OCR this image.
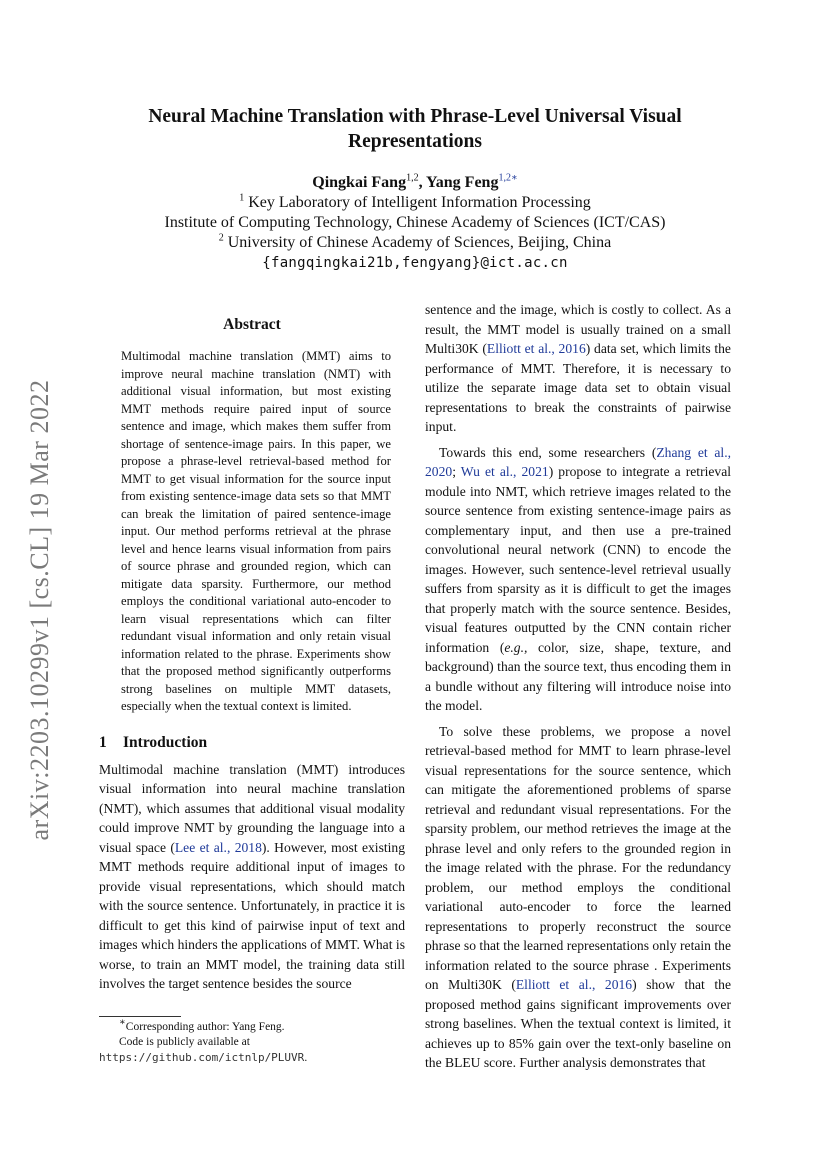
arXiv:2203.10299v1 [cs.CL] 19 Mar 2022
Neural Machine Translation with Phrase-Level Universal Visual
Representations
Qingkai Fang$^{1,2}$, Yang Feng$^{1,2∗}$
$^1$ Key Laboratory of Intelligent Information Processing
Institute of Computing Technology, Chinese Academy of Sciences (ICT/CAS)
$^2$ University of Chinese Academy of Sciences, Beijing, China
{fangqingkai21b,fengyang}@ict.ac.cn
Abstract

Multimodal machine translation (MMT) aims to improve neural machine translation (NMT) with additional visual information, but most existing MMT methods require paired input of source sentence and image, which makes them suffer from shortage of sentence-image pairs. In this paper, we propose a phrase-level retrieval-based method for MMT to get visual information for the source input from existing sentence-image data sets so that MMT can break the limitation of paired sentence-image input. Our method performs retrieval at the phrase level and hence learns visual information from pairs of source phrase and grounded region, which can mitigate data sparsity. Furthermore, our method employs the conditional variational auto-encoder to learn visual representations which can filter redundant visual information and only retain visual information related to the phrase. Experiments show that the proposed method significantly outperforms strong baselines on multiple MMT datasets, especially when the textual context is limited.

1 Introduction

Multimodal machine translation (MMT) introduces visual information into neural machine translation (NMT), which assumes that additional visual modality could improve NMT by grounding the language into a visual space (Lee et al., 2018). However, most existing MMT methods require additional input of images to provide visual representations, which should match with the source sentence. Unfortunately, in practice it is difficult to get this kind of pairwise input of text and images which hinders the applications of MMT. What is worse, to train an MMT model, the training data still involves the target sentence besides the source

∗Corresponding author: Yang Feng.
Code is publicly available at https://github.com/ictnlp/PLUVR.

sentence and the image, which is costly to collect. As a result, the MMT model is usually trained on a small Multi30K (Elliott et al., 2016) data set, which limits the performance of MMT. Therefore, it is necessary to utilize the separate image data set to obtain visual representations to break the constraints of pairwise input.

Towards this end, some researchers (Zhang et al., 2020; Wu et al., 2021) propose to integrate a retrieval module into NMT, which retrieve images related to the source sentence from existing sentence-image pairs as complementary input, and then use a pre-trained convolutional neural network (CNN) to encode the images. However, such sentence-level retrieval usually suffers from sparsity as it is difficult to get the images that properly match with the source sentence. Besides, visual features outputted by the CNN contain richer information (e.g., color, size, shape, texture, and background) than the source text, thus encoding them in a bundle without any filtering will introduce noise into the model.

To solve these problems, we propose a novel retrieval-based method for MMT to learn phrase-level visual representations for the source sentence, which can mitigate the aforementioned problems of sparse retrieval and redundant visual representations. For the sparsity problem, our method retrieves the image at the phrase level and only refers to the grounded region in the image related with the phrase. For the redundancy problem, our method employs the conditional variational auto-encoder to force the learned representations to properly reconstruct the source phrase so that the learned representations only retain the information related to the source phrase . Experiments on Multi30K (Elliott et al., 2016) show that the proposed method gains significant improvements over strong baselines. When the textual context is limited, it achieves up to 85% gain over the text-only baseline on the BLEU score. Further analysis demonstrates that
